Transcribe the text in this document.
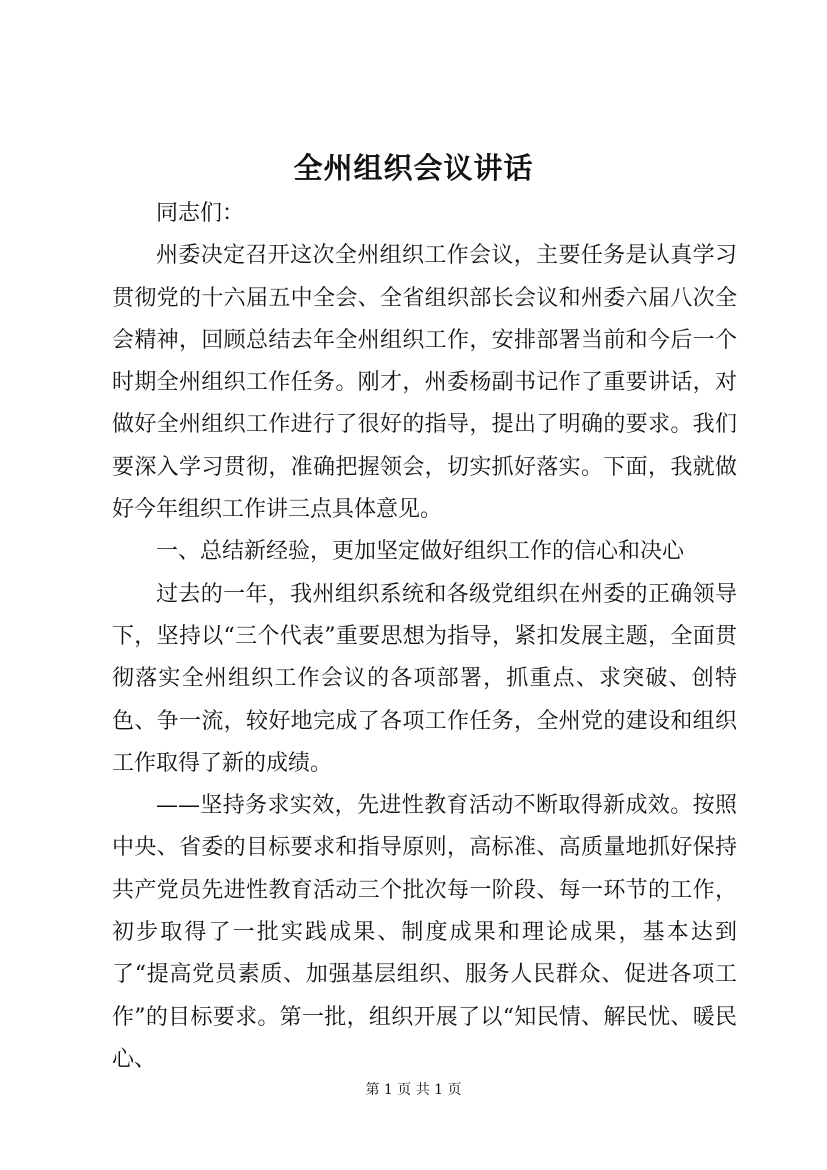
全州组织会议讲话

同志们：

州委决定召开这次全州组织工作会议，主要任务是认真学习贯彻党的十六届五中全会、全省组织部长会议和州委六届八次全会精神，回顾总结去年全州组织工作，安排部署当前和今后一个时期全州组织工作任务。刚才，州委杨副书记作了重要讲话，对做好全州组织工作进行了很好的指导，提出了明确的要求。我们要深入学习贯彻，准确把握领会，切实抓好落实。下面，我就做好今年组织工作讲三点具体意见。

一、总结新经验，更加坚定做好组织工作的信心和决心

过去的一年，我州组织系统和各级党组织在州委的正确领导下，坚持以“三个代表”重要思想为指导，紧扣发展主题，全面贯彻落实全州组织工作会议的各项部署，抓重点、求突破、创特色、争一流，较好地完成了各项工作任务，全州党的建设和组织工作取得了新的成绩。

——坚持务求实效，先进性教育活动不断取得新成效。按照中央、省委的目标要求和指导原则，高标准、高质量地抓好保持共产党员先进性教育活动三个批次每一阶段、每一环节的工作，初步取得了一批实践成果、制度成果和理论成果，基本达到了“提高党员素质、加强基层组织、服务人民群众、促进各项工作”的目标要求。第一批，组织开展了以“知民情、解民忧、暖民心、

第 1 页 共 1 页
